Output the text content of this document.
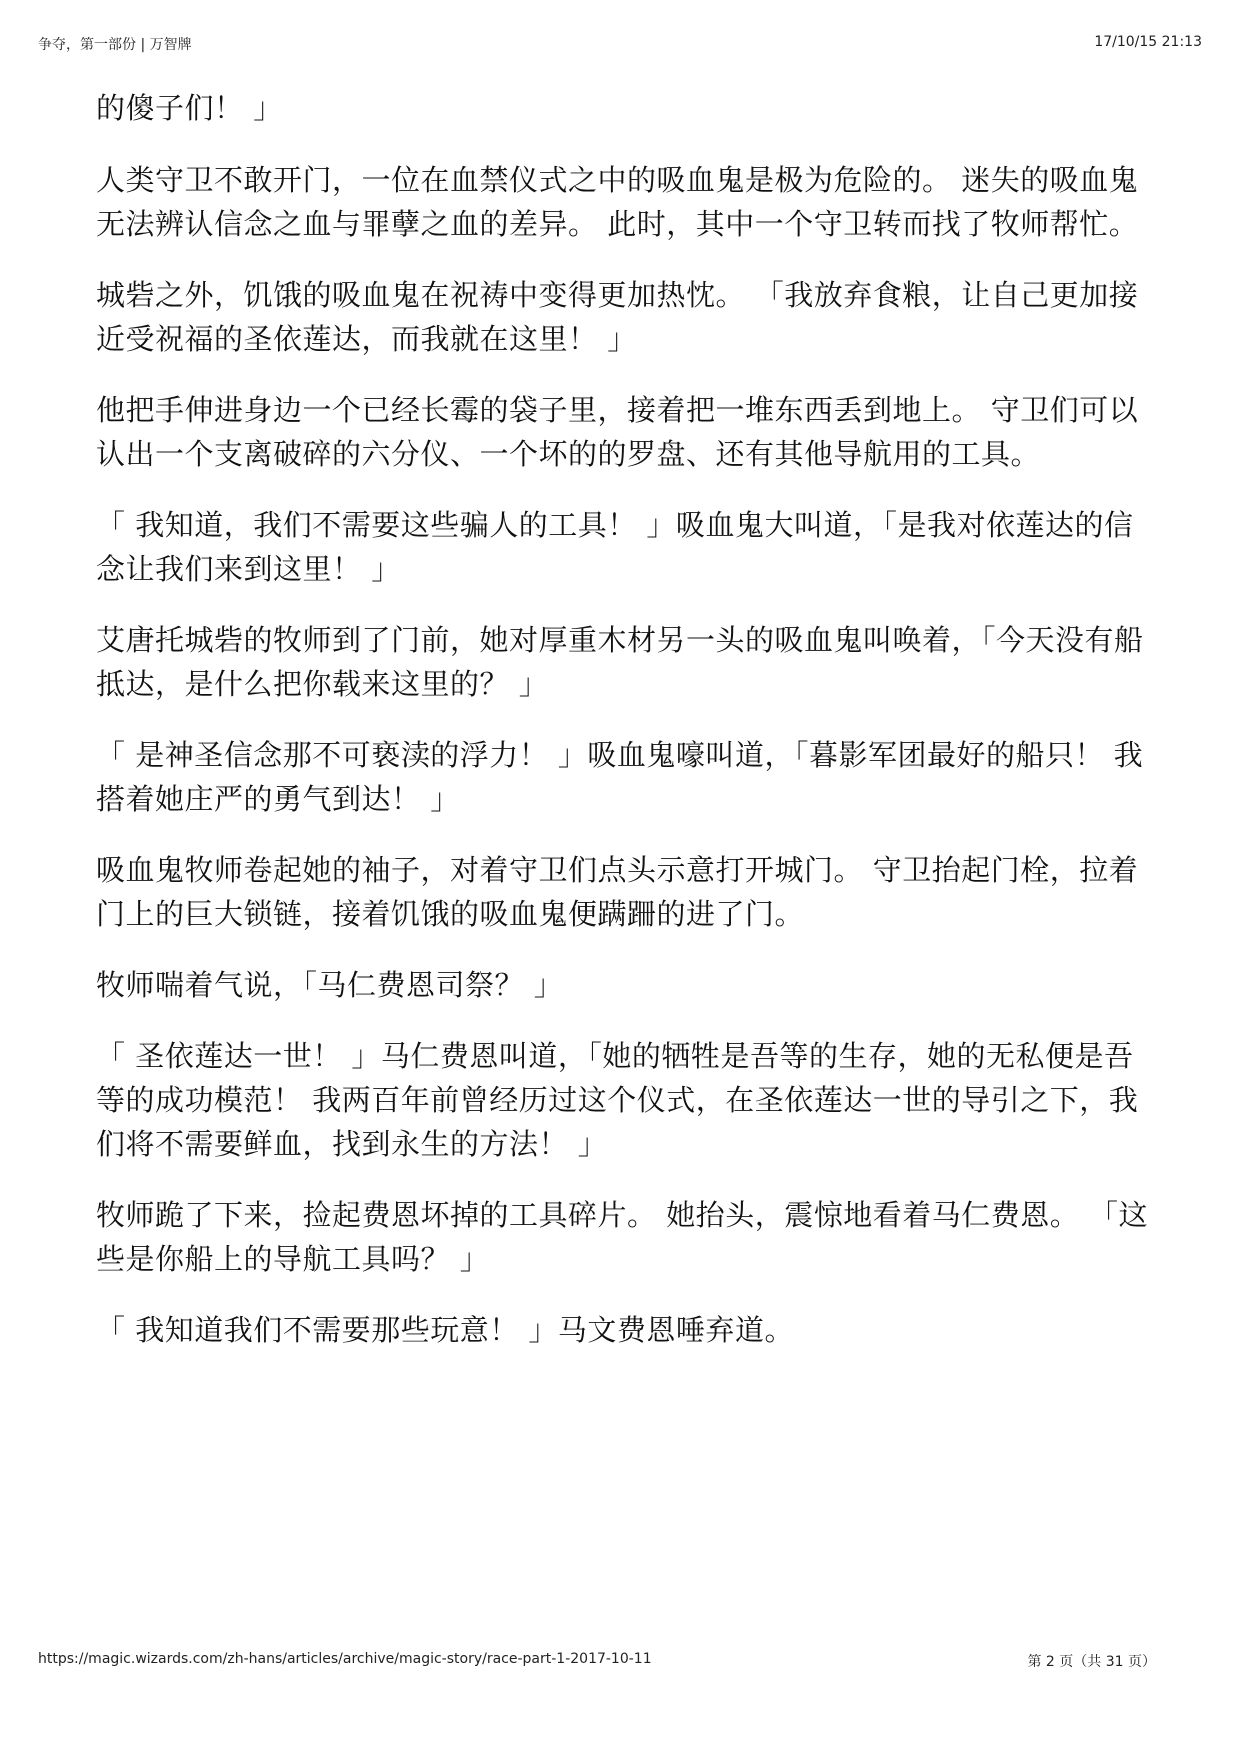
争夺，第一部份 | 万智牌	17/10/15 21:13

的傻子们！ 」

人类守卫不敢开门，一位在血禁仪式之中的吸血鬼是极为危险的。 迷失的吸血鬼无法辨认信念之血与罪孽之血的差异。 此时，其中一个守卫转而找了牧师帮忙。

城砦之外，饥饿的吸血鬼在祝祷中变得更加热忱。 「我放弃食粮，让自己更加接近受祝福的圣依莲达，而我就在这里！ 」

他把手伸进身边一个已经长霉的袋子里，接着把一堆东西丢到地上。 守卫们可以认出一个支离破碎的六分仪、一个坏的的罗盘、还有其他导航用的工具。

「 我知道，我们不需要这些骗人的工具！ 」吸血鬼大叫道，「是我对依莲达的信念让我们来到这里！ 」

艾唐托城砦的牧师到了门前，她对厚重木材另一头的吸血鬼叫唤着，「今天没有船抵达，是什么把你载来这里的？ 」

「 是神圣信念那不可亵渎的浮力！ 」吸血鬼嚎叫道，「暮影军团最好的船只！ 我搭着她庄严的勇气到达！ 」

吸血鬼牧师卷起她的袖子，对着守卫们点头示意打开城门。 守卫抬起门栓，拉着门上的巨大锁链，接着饥饿的吸血鬼便蹒跚的进了门。

牧师喘着气说，「马仁费恩司祭？ 」

「 圣依莲达一世！ 」马仁费恩叫道，「她的牺牲是吾等的生存，她的无私便是吾等的成功模范！ 我两百年前曾经历过这个仪式，在圣依莲达一世的导引之下，我们将不需要鲜血，找到永生的方法！ 」

牧师跪了下来，捡起费恩坏掉的工具碎片。 她抬头，震惊地看着马仁费恩。 「这些是你船上的导航工具吗？ 」

「 我知道我们不需要那些玩意！ 」马文费恩唾弃道。

https://magic.wizards.com/zh-hans/articles/archive/magic-story/race-part-1-2017-10-11	第 2 页（共 31 页）
